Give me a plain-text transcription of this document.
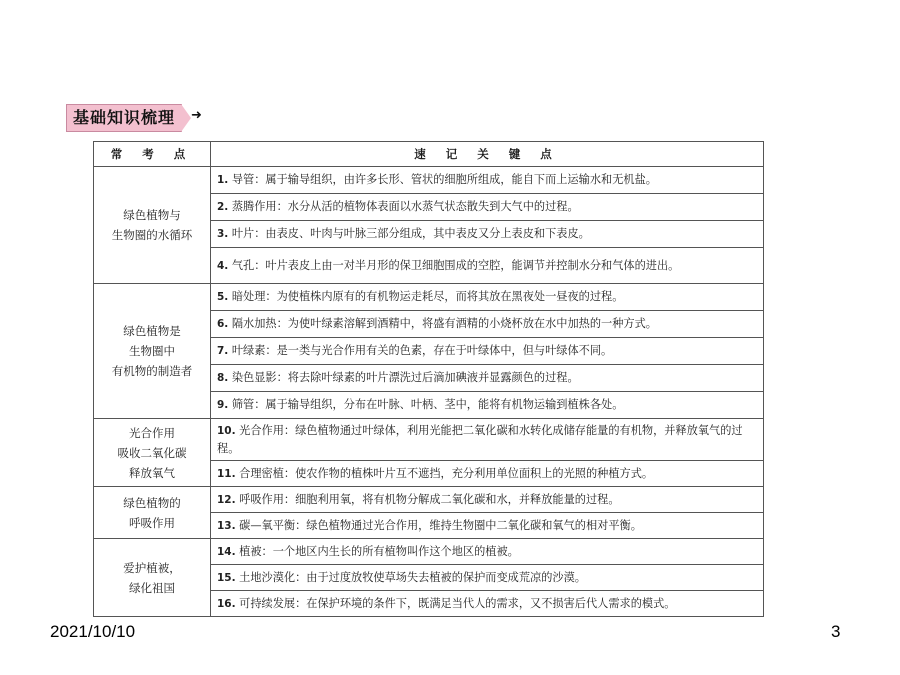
基础知识梳理	➜
常 考 点	速 记 关 键 点

绿色植物与
生物圈的水循环	1. 导管：属于输导组织，由许多长形、管状的细胞所组成，能自下而上运输水和无机盐。
	2. 蒸腾作用：水分从活的植物体表面以水蒸气状态散失到大气中的过程。
	3. 叶片：由表皮、叶肉与叶脉三部分组成，其中表皮又分上表皮和下表皮。
	4. 气孔：叶片表皮上由一对半月形的保卫细胞围成的空腔，能调节并控制水分和气体的进出。

绿色植物是
生物圈中
有机物的制造者	5. 暗处理：为使植株内原有的有机物运走耗尽，而将其放在黑夜处一昼夜的过程。
	6. 隔水加热：为使叶绿素溶解到酒精中，将盛有酒精的小烧杯放在水中加热的一种方式。
	7. 叶绿素：是一类与光合作用有关的色素，存在于叶绿体中，但与叶绿体不同。
	8. 染色显影：将去除叶绿素的叶片漂洗过后滴加碘液并显露颜色的过程。
	9. 筛管：属于输导组织，分布在叶脉、叶柄、茎中，能将有机物运输到植株各处。

光合作用
吸收二氧化碳
释放氧气	10. 光合作用：绿色植物通过叶绿体，利用光能把二氧化碳和水转化成储存能量的有机物，并释放氧气的过程。
	11. 合理密植：使农作物的植株叶片互不遮挡，充分利用单位面积上的光照的种植方式。

绿色植物的
呼吸作用	12. 呼吸作用：细胞利用氧，将有机物分解成二氧化碳和水，并释放能量的过程。
	13. 碳—氧平衡：绿色植物通过光合作用，维持生物圈中二氧化碳和氧气的相对平衡。

爱护植被，
绿化祖国	14. 植被：一个地区内生长的所有植物叫作这个地区的植被。
	15. 土地沙漠化：由于过度放牧使草场失去植被的保护而变成荒凉的沙漠。
	16. 可持续发展：在保护环境的条件下，既满足当代人的需求，又不损害后代人需求的模式。
2021/10/10	3
